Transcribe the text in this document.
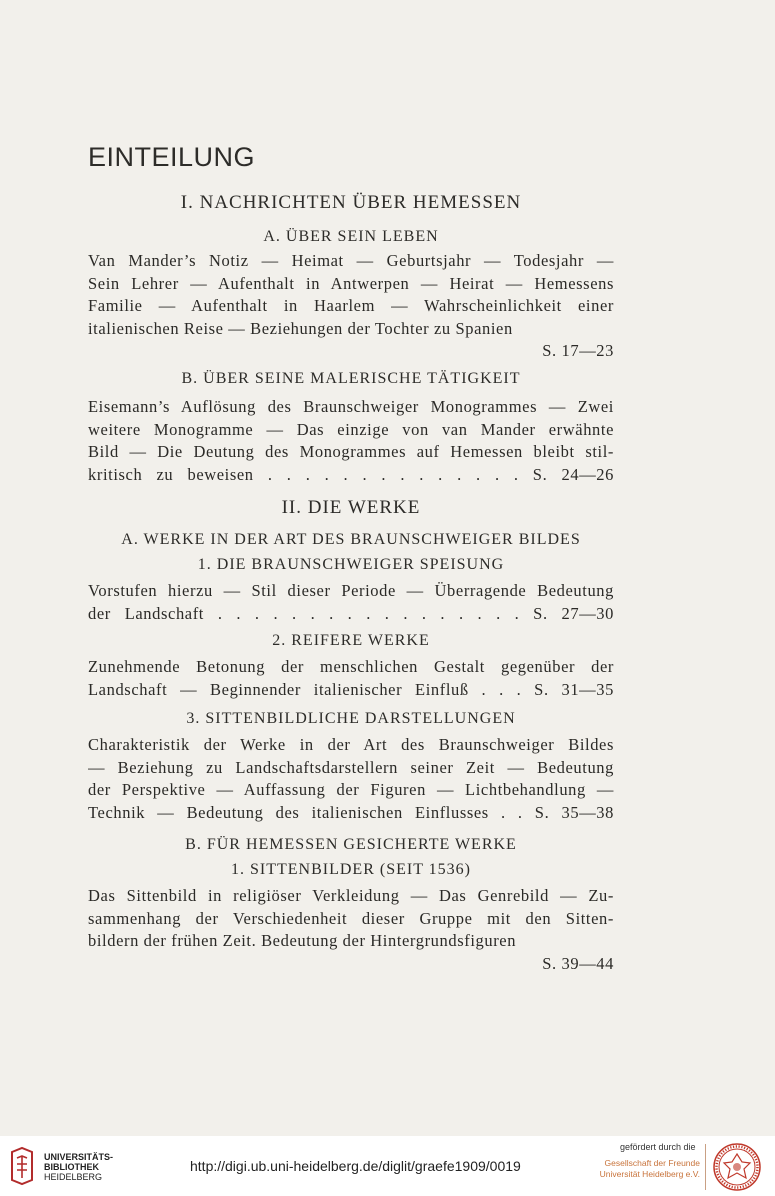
EINTEILUNG
I. NACHRICHTEN ÜBER HEMESSEN
A. ÜBER SEIN LEBEN
Van Mander’s Notiz — Heimat — Geburtsjahr — Todesjahr —
Sein Lehrer — Aufenthalt in Antwerpen — Heirat — Hemessens
Familie — Aufenthalt in Haarlem — Wahrscheinlichkeit einer
italienischen Reise — Beziehungen der Tochter zu Spanien
S. 17—23
B. ÜBER SEINE MALERISCHE TÄTIGKEIT
Eisemann’s Auflösung des Braunschweiger Monogrammes — Zwei
weitere Monogramme — Das einzige von van Mander erwähnte
Bild — Die Deutung des Monogrammes auf Hemessen bleibt stil-
kritisch zu beweisen . . . . . . . . . . . . . . S. 24—26
II. DIE WERKE
A. WERKE IN DER ART DES BRAUNSCHWEIGER BILDES
1. DIE BRAUNSCHWEIGER SPEISUNG
Vorstufen hierzu — Stil dieser Periode — Überragende Bedeutung
der Landschaft . . . . . . . . . . . . . . . . . S. 27—30
2. REIFERE WERKE
Zunehmende Betonung der menschlichen Gestalt gegenüber der
Landschaft — Beginnender italienischer Einfluß . . . S. 31—35
3. SITTENBILDLICHE DARSTELLUNGEN
Charakteristik der Werke in der Art des Braunschweiger Bildes
— Beziehung zu Landschaftsdarstellern seiner Zeit — Bedeutung
der Perspektive — Auffassung der Figuren — Lichtbehandlung —
Technik — Bedeutung des italienischen Einflusses . . S. 35—38
B. FÜR HEMESSEN GESICHERTE WERKE
1. SITTENBILDER (SEIT 1536)
Das Sittenbild in religiöser Verkleidung — Das Genrebild — Zu-
sammenhang der Verschiedenheit dieser Gruppe mit den Sitten-
bildern der frühen Zeit. Bedeutung der Hintergrundsfiguren
S. 39—44
UNIVERSITÄTS-
BIBLIOTHEK
HEIDELBERG
http://digi.ub.uni-heidelberg.de/diglit/graefe1909/0019
gefördert durch die
Gesellschaft der Freunde
Universität Heidelberg e.V.
